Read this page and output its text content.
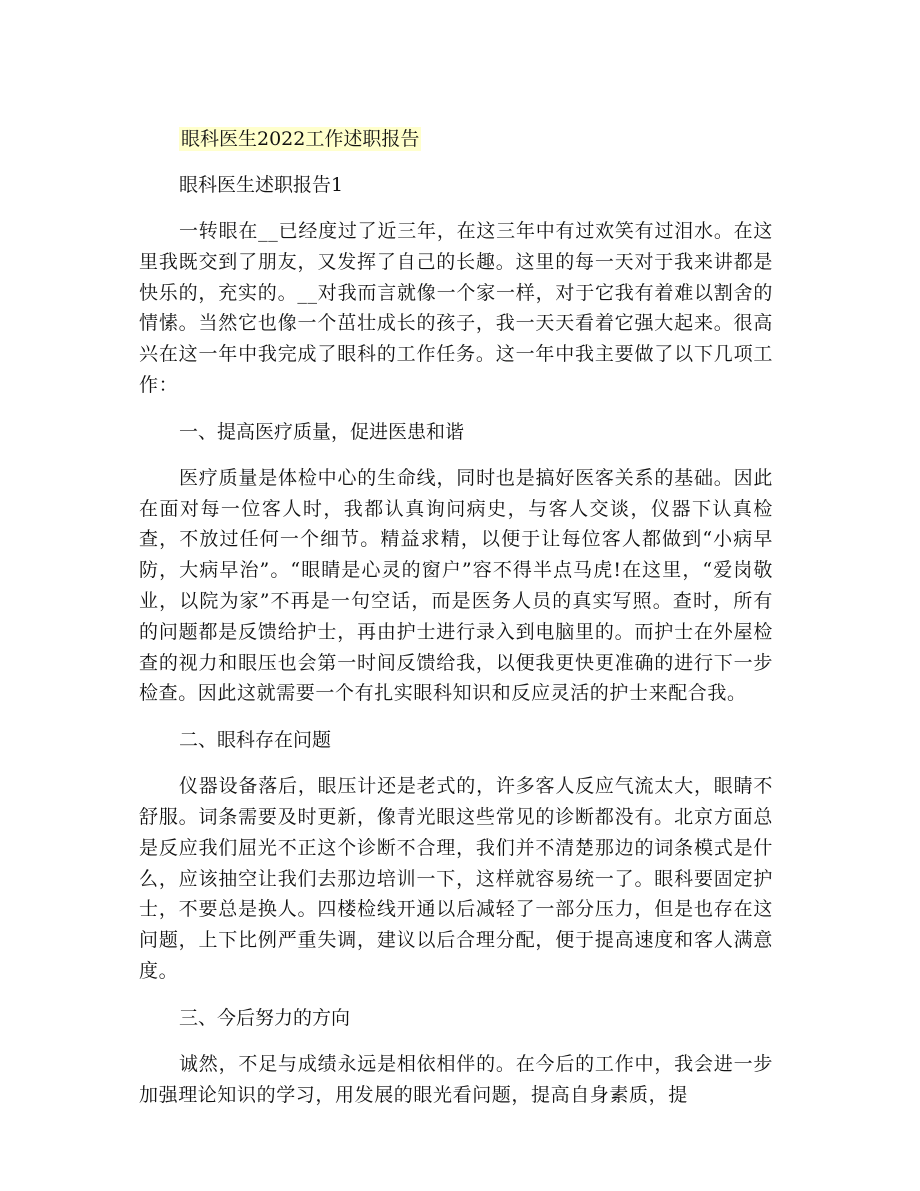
眼科医生2022工作述职报告

眼科医生述职报告1

一转眼在__已经度过了近三年，在这三年中有过欢笑有过泪水。在这里我既交到了朋友，又发挥了自己的长趣。这里的每一天对于我来讲都是快乐的，充实的。__对我而言就像一个家一样，对于它我有着难以割舍的情愫。当然它也像一个茁壮成长的孩子，我一天天看着它强大起来。很高兴在这一年中我完成了眼科的工作任务。这一年中我主要做了以下几项工作：

一、提高医疗质量，促进医患和谐

医疗质量是体检中心的生命线，同时也是搞好医客关系的基础。因此在面对每一位客人时，我都认真询问病史，与客人交谈，仪器下认真检查，不放过任何一个细节。精益求精，以便于让每位客人都做到“小病早防，大病早治”。“眼睛是心灵的窗户”容不得半点马虎!在这里，“爱岗敬业，以院为家”不再是一句空话，而是医务人员的真实写照。查时，所有的问题都是反馈给护士，再由护士进行录入到电脑里的。而护士在外屋检查的视力和眼压也会第一时间反馈给我，以便我更快更准确的进行下一步检查。因此这就需要一个有扎实眼科知识和反应灵活的护士来配合我。

二、眼科存在问题

仪器设备落后，眼压计还是老式的，许多客人反应气流太大，眼睛不舒服。词条需要及时更新，像青光眼这些常见的诊断都没有。北京方面总是反应我们屈光不正这个诊断不合理，我们并不清楚那边的词条模式是什么，应该抽空让我们去那边培训一下，这样就容易统一了。眼科要固定护士，不要总是换人。四楼检线开通以后减轻了一部分压力，但是也存在这问题，上下比例严重失调，建议以后合理分配，便于提高速度和客人满意度。

三、今后努力的方向

诚然，不足与成绩永远是相依相伴的。在今后的工作中，我会进一步加强理论知识的学习，用发展的眼光看问题，提高自身素质，提
